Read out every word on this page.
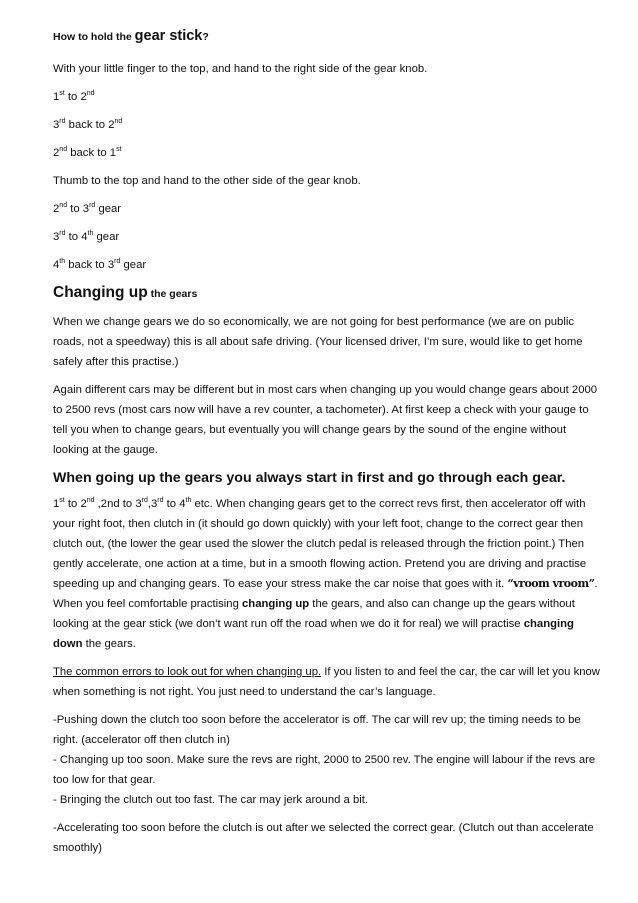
How to hold the gear stick?

With your little finger to the top, and hand to the right side of the gear knob.

1st to 2nd

3rd back to 2nd

2nd back to 1st

Thumb to the top and hand to the other side of the gear knob.

2nd to 3rd gear

3rd to 4th gear

4th back to 3rd gear

Changing up the gears

When we change gears we do so economically, we are not going for best performance (we are on public roads, not a speedway) this is all about safe driving. (Your licensed driver, I’m sure, would like to get home safely after this practise.)

Again different cars may be different but in most cars when changing up you would change gears about 2000 to 2500 revs (most cars now will have a rev counter, a tachometer). At first keep a check with your gauge to tell you when to change gears, but eventually you will change gears by the sound of the engine without looking at the gauge.

When going up the gears you always start in first and go through each gear.

1st to 2nd ,2nd to 3rd,3rd to 4th etc. When changing gears get to the correct revs first, then accelerator off with your right foot, then clutch in (it should go down quickly) with your left foot, change to the correct gear then clutch out, (the lower the gear used the slower the clutch pedal is released through the friction point.) Then gently accelerate, one action at a time, but in a smooth flowing action. Pretend you are driving and practise speeding up and changing gears. To ease your stress make the car noise that goes with it. “vroom vroom”. When you feel comfortable practising changing up the gears, and also can change up the gears without looking at the gear stick (we don’t want run off the road when we do it for real) we will practise changing down the gears.

The common errors to look out for when changing up. If you listen to and feel the car, the car will let you know when something is not right. You just need to understand the car’s language.

-Pushing down the clutch too soon before the accelerator is off. The car will rev up; the timing needs to be right. (accelerator off then clutch in)

- Changing up too soon. Make sure the revs are right, 2000 to 2500 rev. The engine will labour if the revs are too low for that gear.

- Bringing the clutch out too fast. The car may jerk around a bit.

-Accelerating too soon before the clutch is out after we selected the correct gear. (Clutch out than accelerate smoothly)
